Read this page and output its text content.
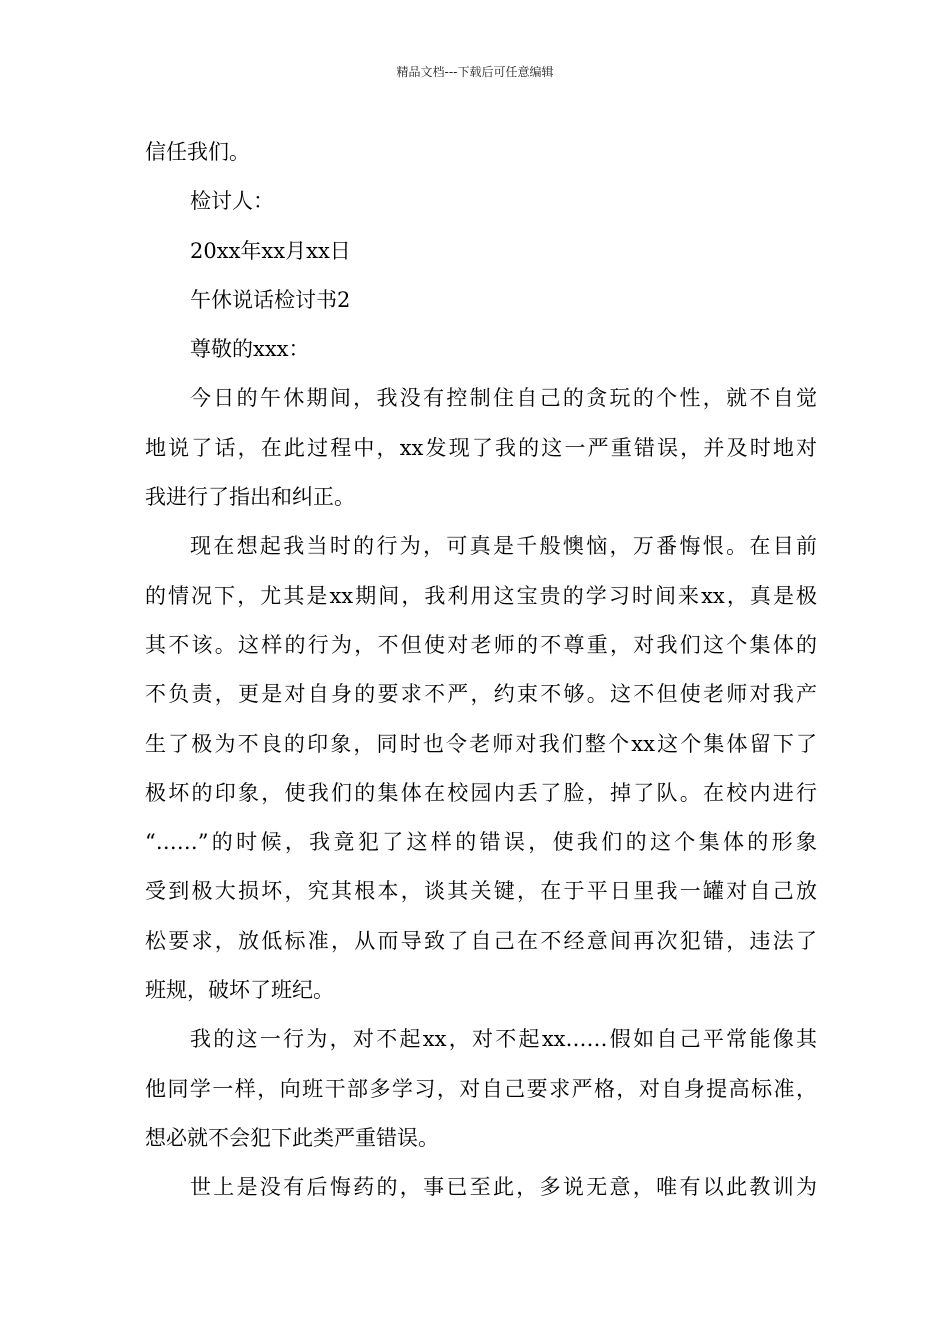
精品文档---下载后可任意编辑
信任我们。
检讨人：
20xx年xx月xx日
午休说话检讨书2
尊敬的xxx：
今日的午休期间，我没有控制住自己的贪玩的个性，就不自觉
地说了话，在此过程中，xx发现了我的这一严重错误，并及时地对
我进行了指出和纠正。
现在想起我当时的行为，可真是千般懊恼，万番悔恨。在目前
的情况下，尤其是xx期间，我利用这宝贵的学习时间来xx，真是极
其不该。这样的行为，不但使对老师的不尊重，对我们这个集体的
不负责，更是对自身的要求不严，约束不够。这不但使老师对我产
生了极为不良的印象，同时也令老师对我们整个xx这个集体留下了
极坏的印象，使我们的集体在校园内丢了脸，掉了队。在校内进行
“……”的时候，我竟犯了这样的错误，使我们的这个集体的形象
受到极大损坏，究其根本，谈其关键，在于平日里我一罐对自己放
松要求，放低标准，从而导致了自己在不经意间再次犯错，违法了
班规，破坏了班纪。
我的这一行为，对不起xx，对不起xx……假如自己平常能像其
他同学一样，向班干部多学习，对自己要求严格，对自身提高标准，
想必就不会犯下此类严重错误。
世上是没有后悔药的，事已至此，多说无意，唯有以此教训为
